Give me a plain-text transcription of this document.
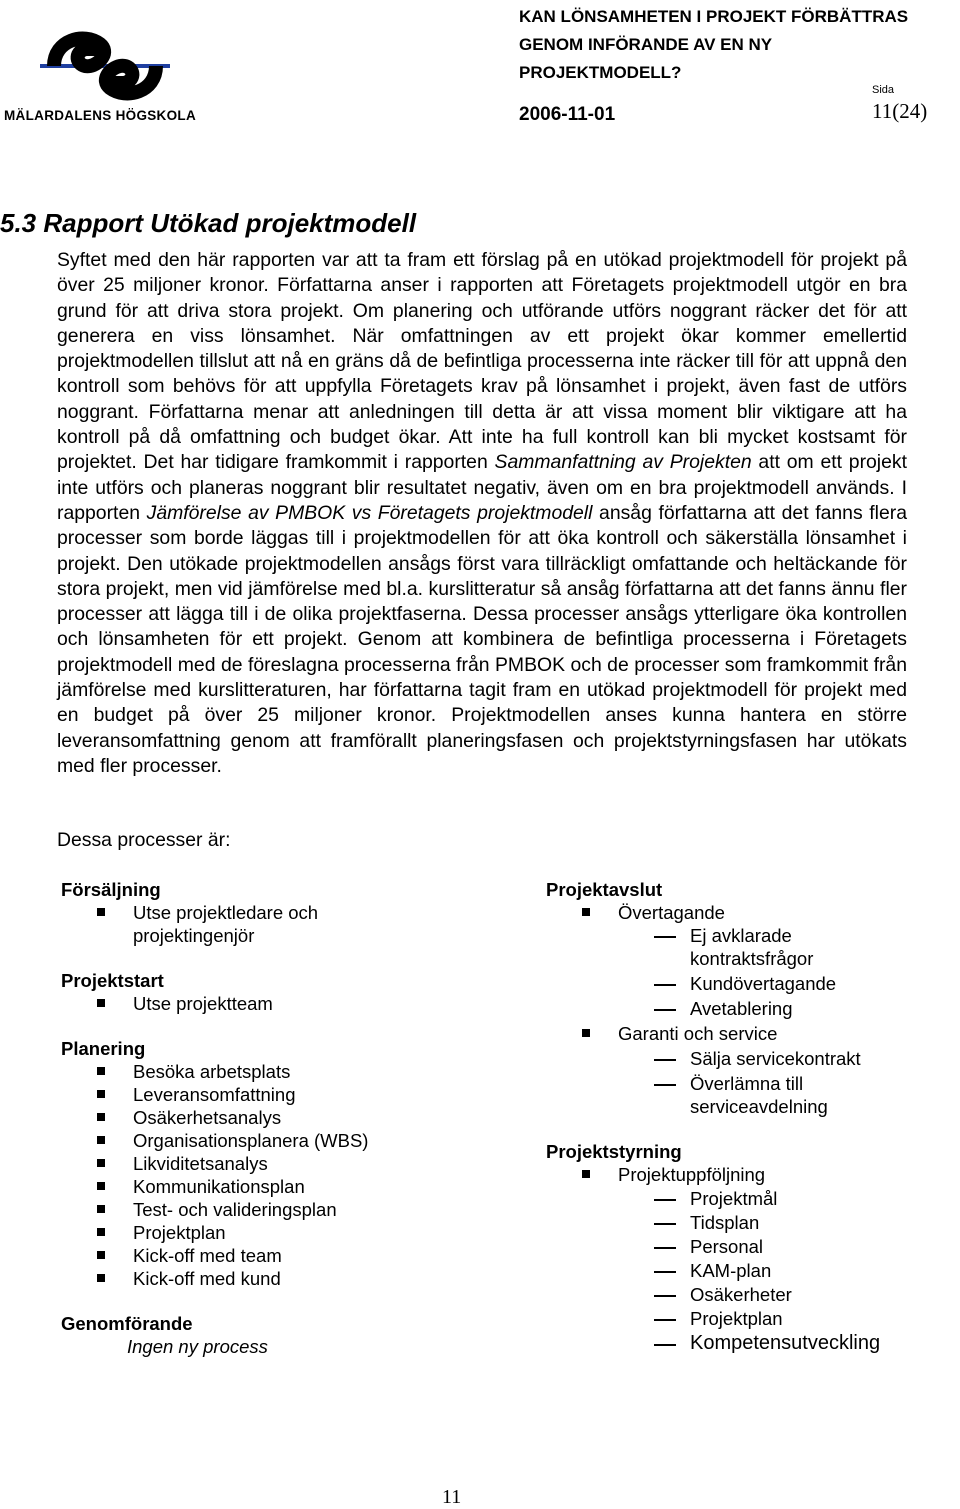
MÄLARDALENS HÖGSKOLA
KAN LÖNSAMHETEN I PROJEKT FÖRBÄTTRAS
GENOM INFÖRANDE AV EN NY
PROJEKTMODELL?
2006-11-01
Sida
11(24)
5.3 Rapport Utökad projektmodell

Syftet med den här rapporten var att ta fram ett förslag på en utökad projektmodell för projekt på över 25 miljoner kronor. Författarna anser i rapporten att Företagets projektmodell utgör en bra grund för att driva stora projekt. Om planering och utförande utförs noggrant räcker det för att generera en viss lönsamhet. När omfattningen av ett projekt ökar kommer emellertid projektmodellen tillslut att nå en gräns då de befintliga processerna inte räcker till för att uppnå den kontroll som behövs för att uppfylla Företagets krav på lönsamhet i projekt, även fast de utförs noggrant. Författarna menar att anledningen till detta är att vissa moment blir viktigare att ha kontroll på då omfattning och budget ökar. Att inte ha full kontroll kan bli mycket kostsamt för projektet. Det har tidigare framkommit i rapporten Sammanfattning av Projekten att om ett projekt inte utförs och planeras noggrant blir resultatet negativ, även om en bra projektmodell används. I rapporten Jämförelse av PMBOK vs Företagets projektmodell ansåg författarna att det fanns flera processer som borde läggas till i projektmodellen för att öka kontroll och säkerställa lönsamhet i projekt. Den utökade projektmodellen ansågs först vara tillräckligt omfattande och heltäckande för stora projekt, men vid jämförelse med bl.a. kurslitteratur så ansåg författarna att det fanns ännu fler processer att lägga till i de olika projektfaserna. Dessa processer ansågs ytterligare öka kontrollen och lönsamheten för ett projekt. Genom att kombinera de befintliga processerna i Företagets projektmodell med de föreslagna processerna från PMBOK och de processer som framkommit från jämförelse med kurslitteraturen, har författarna tagit fram en utökad projektmodell för projekt med en budget på över 25 miljoner kronor. Projektmodellen anses kunna hantera en större leveransomfattning genom att framförallt planeringsfasen och projektstyrningsfasen har utökats med fler processer.

Dessa processer är:

Försäljning

Utse projektledare och projektingenjör

Projektstart

Utse projektteam

Planering

Besöka arbetsplats
Leveransomfattning
Osäkerhetsanalys
Organisationsplanera (WBS)
Likviditetsanalys
Kommunikationsplan
Test- och valideringsplan
Projektplan
Kick-off med team
Kick-off med kund

Genomförande

Ingen ny process

Projektavslut

Övertagande
Ej avklarade kontraktsfrågor
Kundövertagande
Avetablering
Garanti och service
Sälja servicekontrakt
Överlämna till serviceavdelning

Projektstyrning

Projektuppföljning
Projektmål
Tidsplan
Personal
KAM-plan
Osäkerheter
Projektplan
Kompetensutveckling
11
